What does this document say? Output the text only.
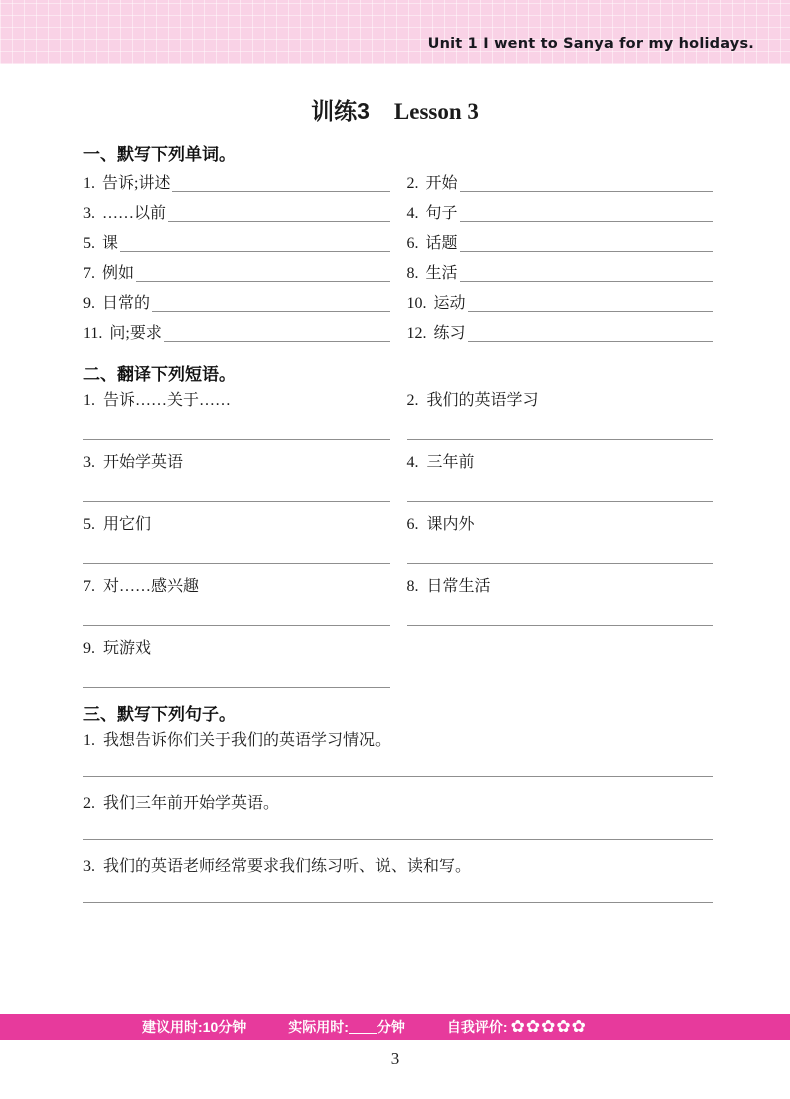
Unit 1 I went to Sanya for my holidays.
训练3 Lesson 3
一、默写下列单词。
1. 告诉;讲述	2. 开始
3. ……以前	4. 句子
5. 课	6. 话题
7. 例如	8. 生活
9. 日常的	10. 运动
11. 问;要求	12. 练习
二、翻译下列短语。
1. 告诉……关于……	2. 我们的英语学习
3. 开始学英语	4. 三年前
5. 用它们	6. 课内外
7. 对……感兴趣	8. 日常生活
9. 玩游戏
三、默写下列句子。
1. 我想告诉你们关于我们的英语学习情况。
2. 我们三年前开始学英语。
3. 我们的英语老师经常要求我们练习听、说、读和写。
建议用时:10分钟	实际用时: 分钟	自我评价: ✿ ✿ ✿ ✿ ✿
3
